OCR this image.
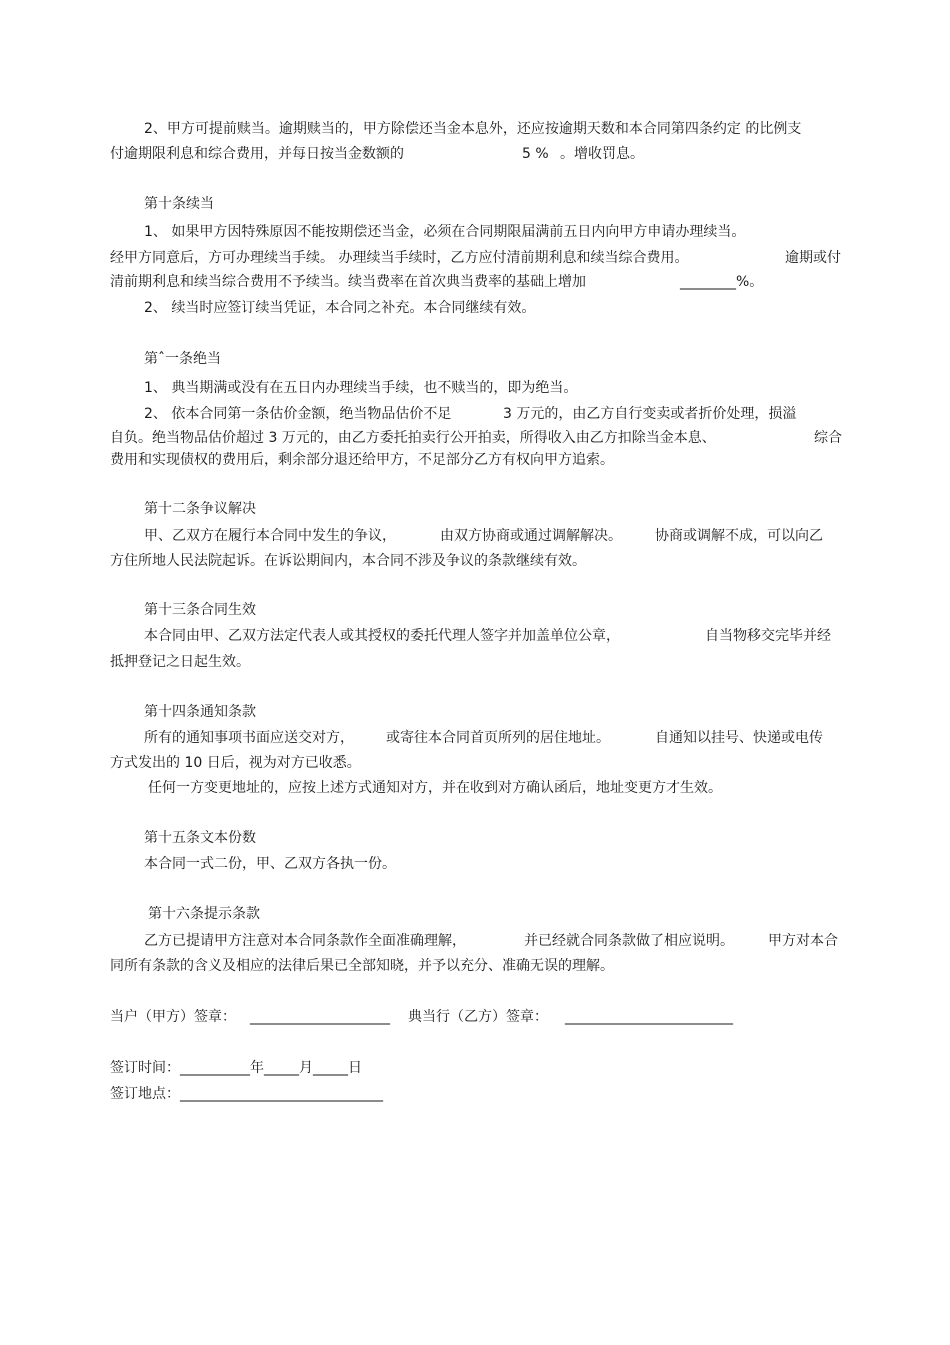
2、甲方可提前赎当。逾期赎当的，甲方除偿还当金本息外，还应按逾期天数和本合同第四条约定 的比例支
付逾期限利息和综合费用，并每日按当金数额的	5 % 。增收罚息。
第十条续当
1、 如果甲方因特殊原因不能按期偿还当金，必须在合同期限届满前五日内向甲方申请办理续当。
经甲方同意后，方可办理续当手续。 办理续当手续时，乙方应付清前期利息和续当综合费用。	逾期或付
清前期利息和续当综合费用不予续当。续当费率在首次典当费率的基础上增加	________%。
2、 续当时应签订续当凭证，本合同之补充。本合同继续有效。
第ˆ一条绝当
1、 典当期满或没有在五日内办理续当手续，也不赎当的，即为绝当。
2、 依本合同第一条估价金额，绝当物品估价不足	3 万元的，由乙方自行变卖或者折价处理，损溢
自负。绝当物品估价超过 3 万元的，由乙方委托拍卖行公开拍卖，所得收入由乙方扣除当金本息、	综合
费用和实现债权的费用后，剩余部分退还给甲方，不足部分乙方有权向甲方追索。
第十二条争议解决
甲、乙双方在履行本合同中发生的争议，	由双方协商或通过调解解决。 协商或调解不成，可以向乙
方住所地人民法院起诉。在诉讼期间内，本合同不涉及争议的条款继续有效。
第十三条合同生效
本合同由甲、乙双方法定代表人或其授权的委托代理人签字并加盖单位公章，	自当物移交完毕并经
抵押登记之日起生效。
第十四条通知条款
所有的通知事项书面应送交对方， 或寄往本合同首页所列的居住地址。	自通知以挂号、快递或电传
方式发出的 10 日后，视为对方已收悉。
任何一方变更地址的，应按上述方式通知对方，并在收到对方确认函后，地址变更方才生效。
第十五条文本份数
本合同一式二份，甲、乙双方各执一份。
第十六条提示条款
乙方已提请甲方注意对本合同条款作全面准确理解，	并已经就合同条款做了相应说明。 甲方对本合
同所有条款的含义及相应的法律后果已全部知晓，并予以充分、准确无误的理解。
当户（甲方）签章： ____________________ 典当行（乙方）签章： ________________________
签订时间：__________年_____月_____日
签订地点：_____________________________
